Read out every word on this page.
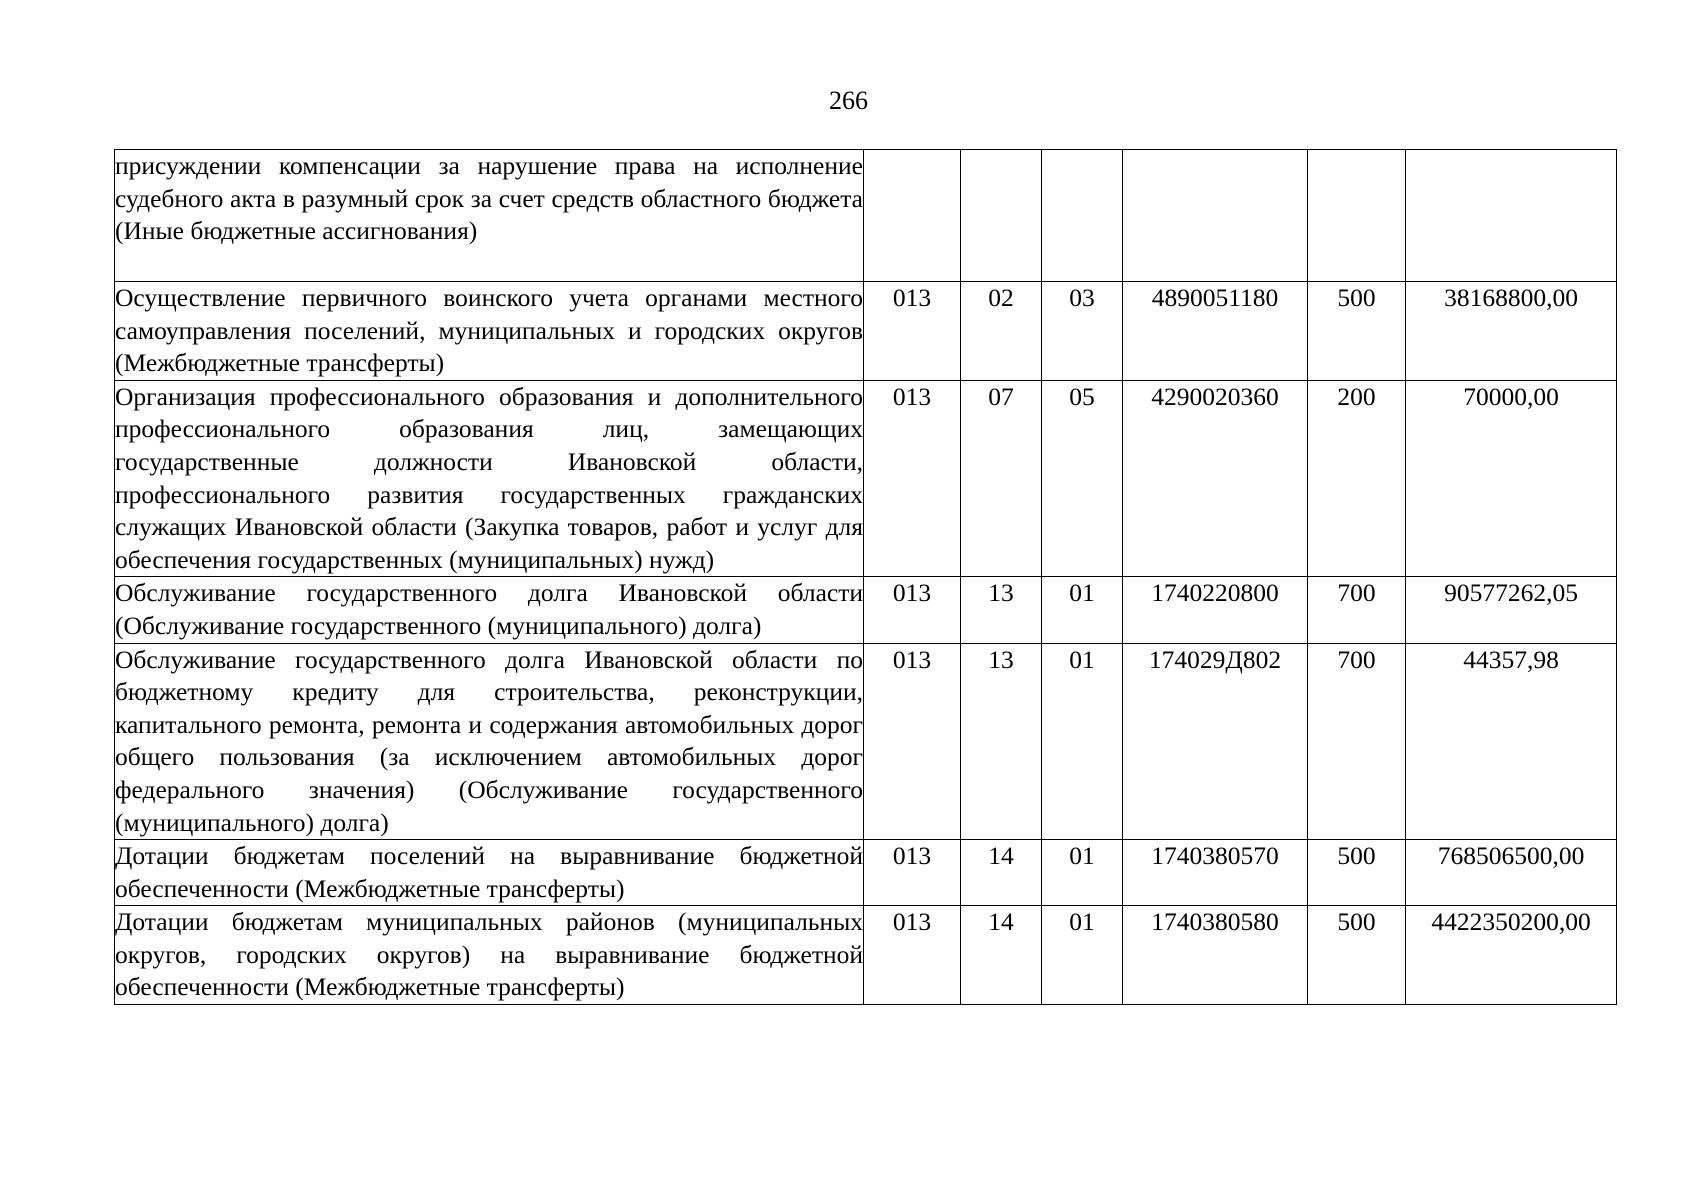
266
присуждении компенсации за нарушение права на исполнение судебного акта в разумный срок за счет средств областного бюджета (Иные бюджетные ассигнования)						
Осуществление первичного воинского учета органами местного самоуправления поселений, муниципальных и городских округов (Межбюджетные трансферты)	013	02	03	4890051180	500	38168800,00
Организация профессионального образования и дополнительного профессионального образования лиц, замещающих государственные должности Ивановской области, профессионального развития государственных гражданских служащих Ивановской области (Закупка товаров, работ и услуг для обеспечения государственных (муниципальных) нужд)	013	07	05	4290020360	200	70000,00
Обслуживание государственного долга Ивановской области (Обслуживание государственного (муниципального) долга)	013	13	01	1740220800	700	90577262,05
Обслуживание государственного долга Ивановской области по бюджетному кредиту для строительства, реконструкции, капитального ремонта, ремонта и содержания автомобильных дорог общего пользования (за исключением автомобильных дорог федерального значения) (Обслуживание государственного (муниципального) долга)	013	13	01	174029Д802	700	44357,98
Дотации бюджетам поселений на выравнивание бюджетной обеспеченности (Межбюджетные трансферты)	013	14	01	1740380570	500	768506500,00
Дотации бюджетам муниципальных районов (муниципальных округов, городских округов) на выравнивание бюджетной обеспеченности (Межбюджетные трансферты)	013	14	01	1740380580	500	4422350200,00
